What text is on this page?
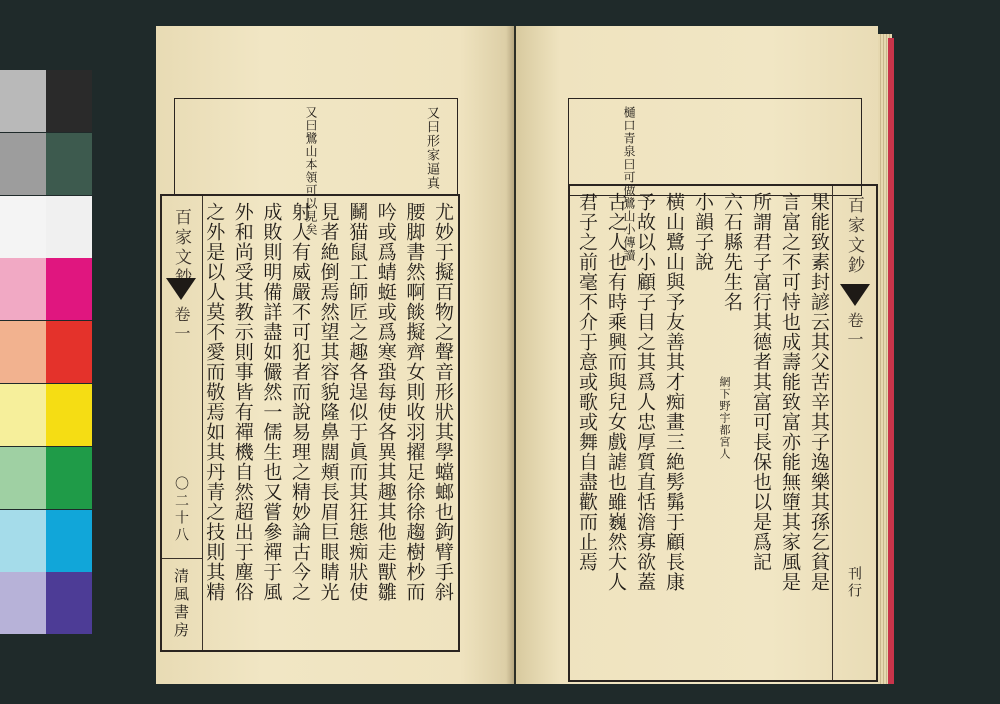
又曰形家逼真
又曰鷺山本領可以見矣
百家文鈔
卷一
〇二十八
清風書房
尤妙于擬百物之聲音形狀其學蟷螂也鉤臂手斜
腰脚書然啊餤擬齊女則收羽擢足徐徐趨樹杪而
吟或爲蜻蜓或爲寒蛩每使各異其趣其他走獸雛
鬭猫鼠工師匠之趣各逞似于眞而其狂態痴狀使
見者絶倒焉然望其容貌隆鼻闊頬長眉巨眼睛光
射人有威嚴不可犯者而說易理之精妙論古今之
成敗則明備詳盡如儼然一儒生也又嘗參禪于風
外和尚受其教示則事皆有禪機自然超出于塵俗
之外是以人莫不愛而敬焉如其丹青之技則其精
樋口青泉曰可做鷺山小傳讀	百家文鈔
卷一
刊行
果能致素封諺云其父苦辛其子逸樂其孫乞貧是
言富之不可恃也成壽能致富亦能無墮其家風是
所謂君子富行其德者其富可長保也以是爲記
六石縣先生名
小韻子說
横山鷺山與予友善其才痴畫三絶髣髴于顧長康
予故以小顧子目之其爲人忠厚質直恬澹寡欲蓋
古之人也有時乘興而與兒女戲謔也雖巍然大人
君子之前毫不介于意或歌或舞自盡歡而止焉	網下野宇都宮人
